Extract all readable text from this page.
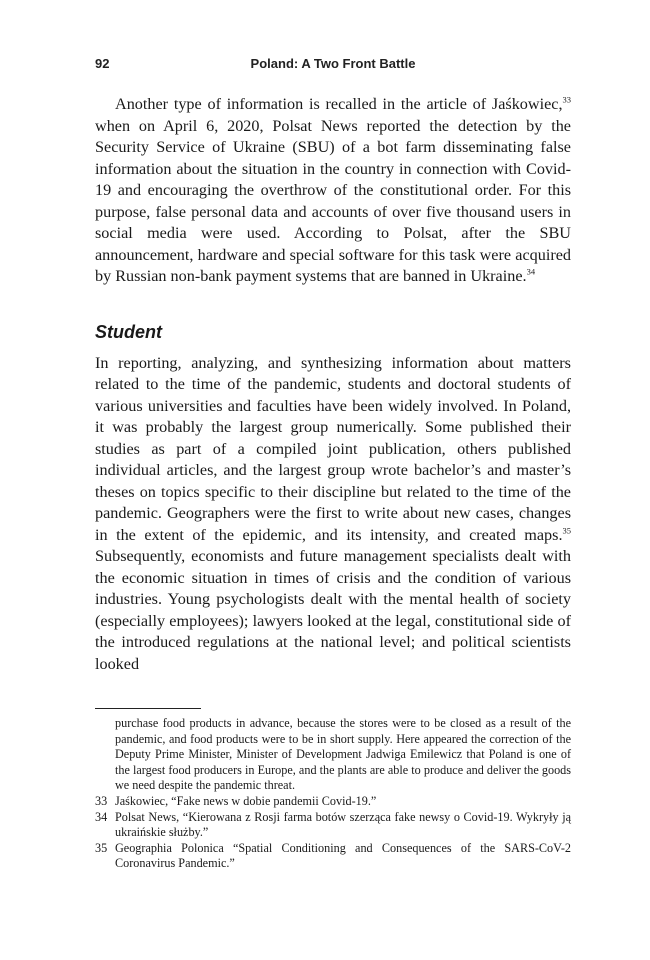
92	Poland: A Two Front Battle

Another type of information is recalled in the article of Jaśkowiec,$^{33}$ when on April 6, 2020, Polsat News reported the detection by the Security Service of Ukraine (SBU) of a bot farm disseminating false information about the situation in the country in connection with Covid-19 and encouraging the overthrow of the constitutional order. For this purpose, false personal data and accounts of over five thousand users in social media were used. According to Polsat, after the SBU announcement, hardware and special software for this task were acquired by Russian non-bank payment systems that are banned in Ukraine.$^{34}$

Student

In reporting, analyzing, and synthesizing information about matters related to the time of the pandemic, students and doctoral students of various universities and faculties have been widely involved. In Poland, it was probably the largest group numerically. Some published their studies as part of a compiled joint publication, others published individual articles, and the largest group wrote bachelor’s and master’s theses on topics specific to their discipline but related to the time of the pandemic. Geographers were the first to write about new cases, changes in the extent of the epidemic, and its intensity, and created maps.$^{35}$ Subsequently, economists and future management specialists dealt with the economic situation in times of crisis and the condition of various industries. Young psychologists dealt with the mental health of society (especially employees); lawyers looked at the legal, constitutional side of the introduced regulations at the national level; and political scientists looked

purchase food products in advance, because the stores were to be closed as a result of the pandemic, and food products were to be in short supply. Here appeared the correction of the Deputy Prime Minister, Minister of Development Jadwiga Emilewicz that Poland is one of the largest food producers in Europe, and the plants are able to produce and deliver the goods we need despite the pandemic threat.

33 Jaśkowiec, “Fake news w dobie pandemii Covid-19.”
34 Polsat News, “Kierowana z Rosji farma botów szerząca fake newsy o Covid-19. Wykryły ją ukraińskie służby.”
35 Geographia Polonica “Spatial Conditioning and Consequences of the SARS-CoV-2 Coronavirus Pandemic.”
